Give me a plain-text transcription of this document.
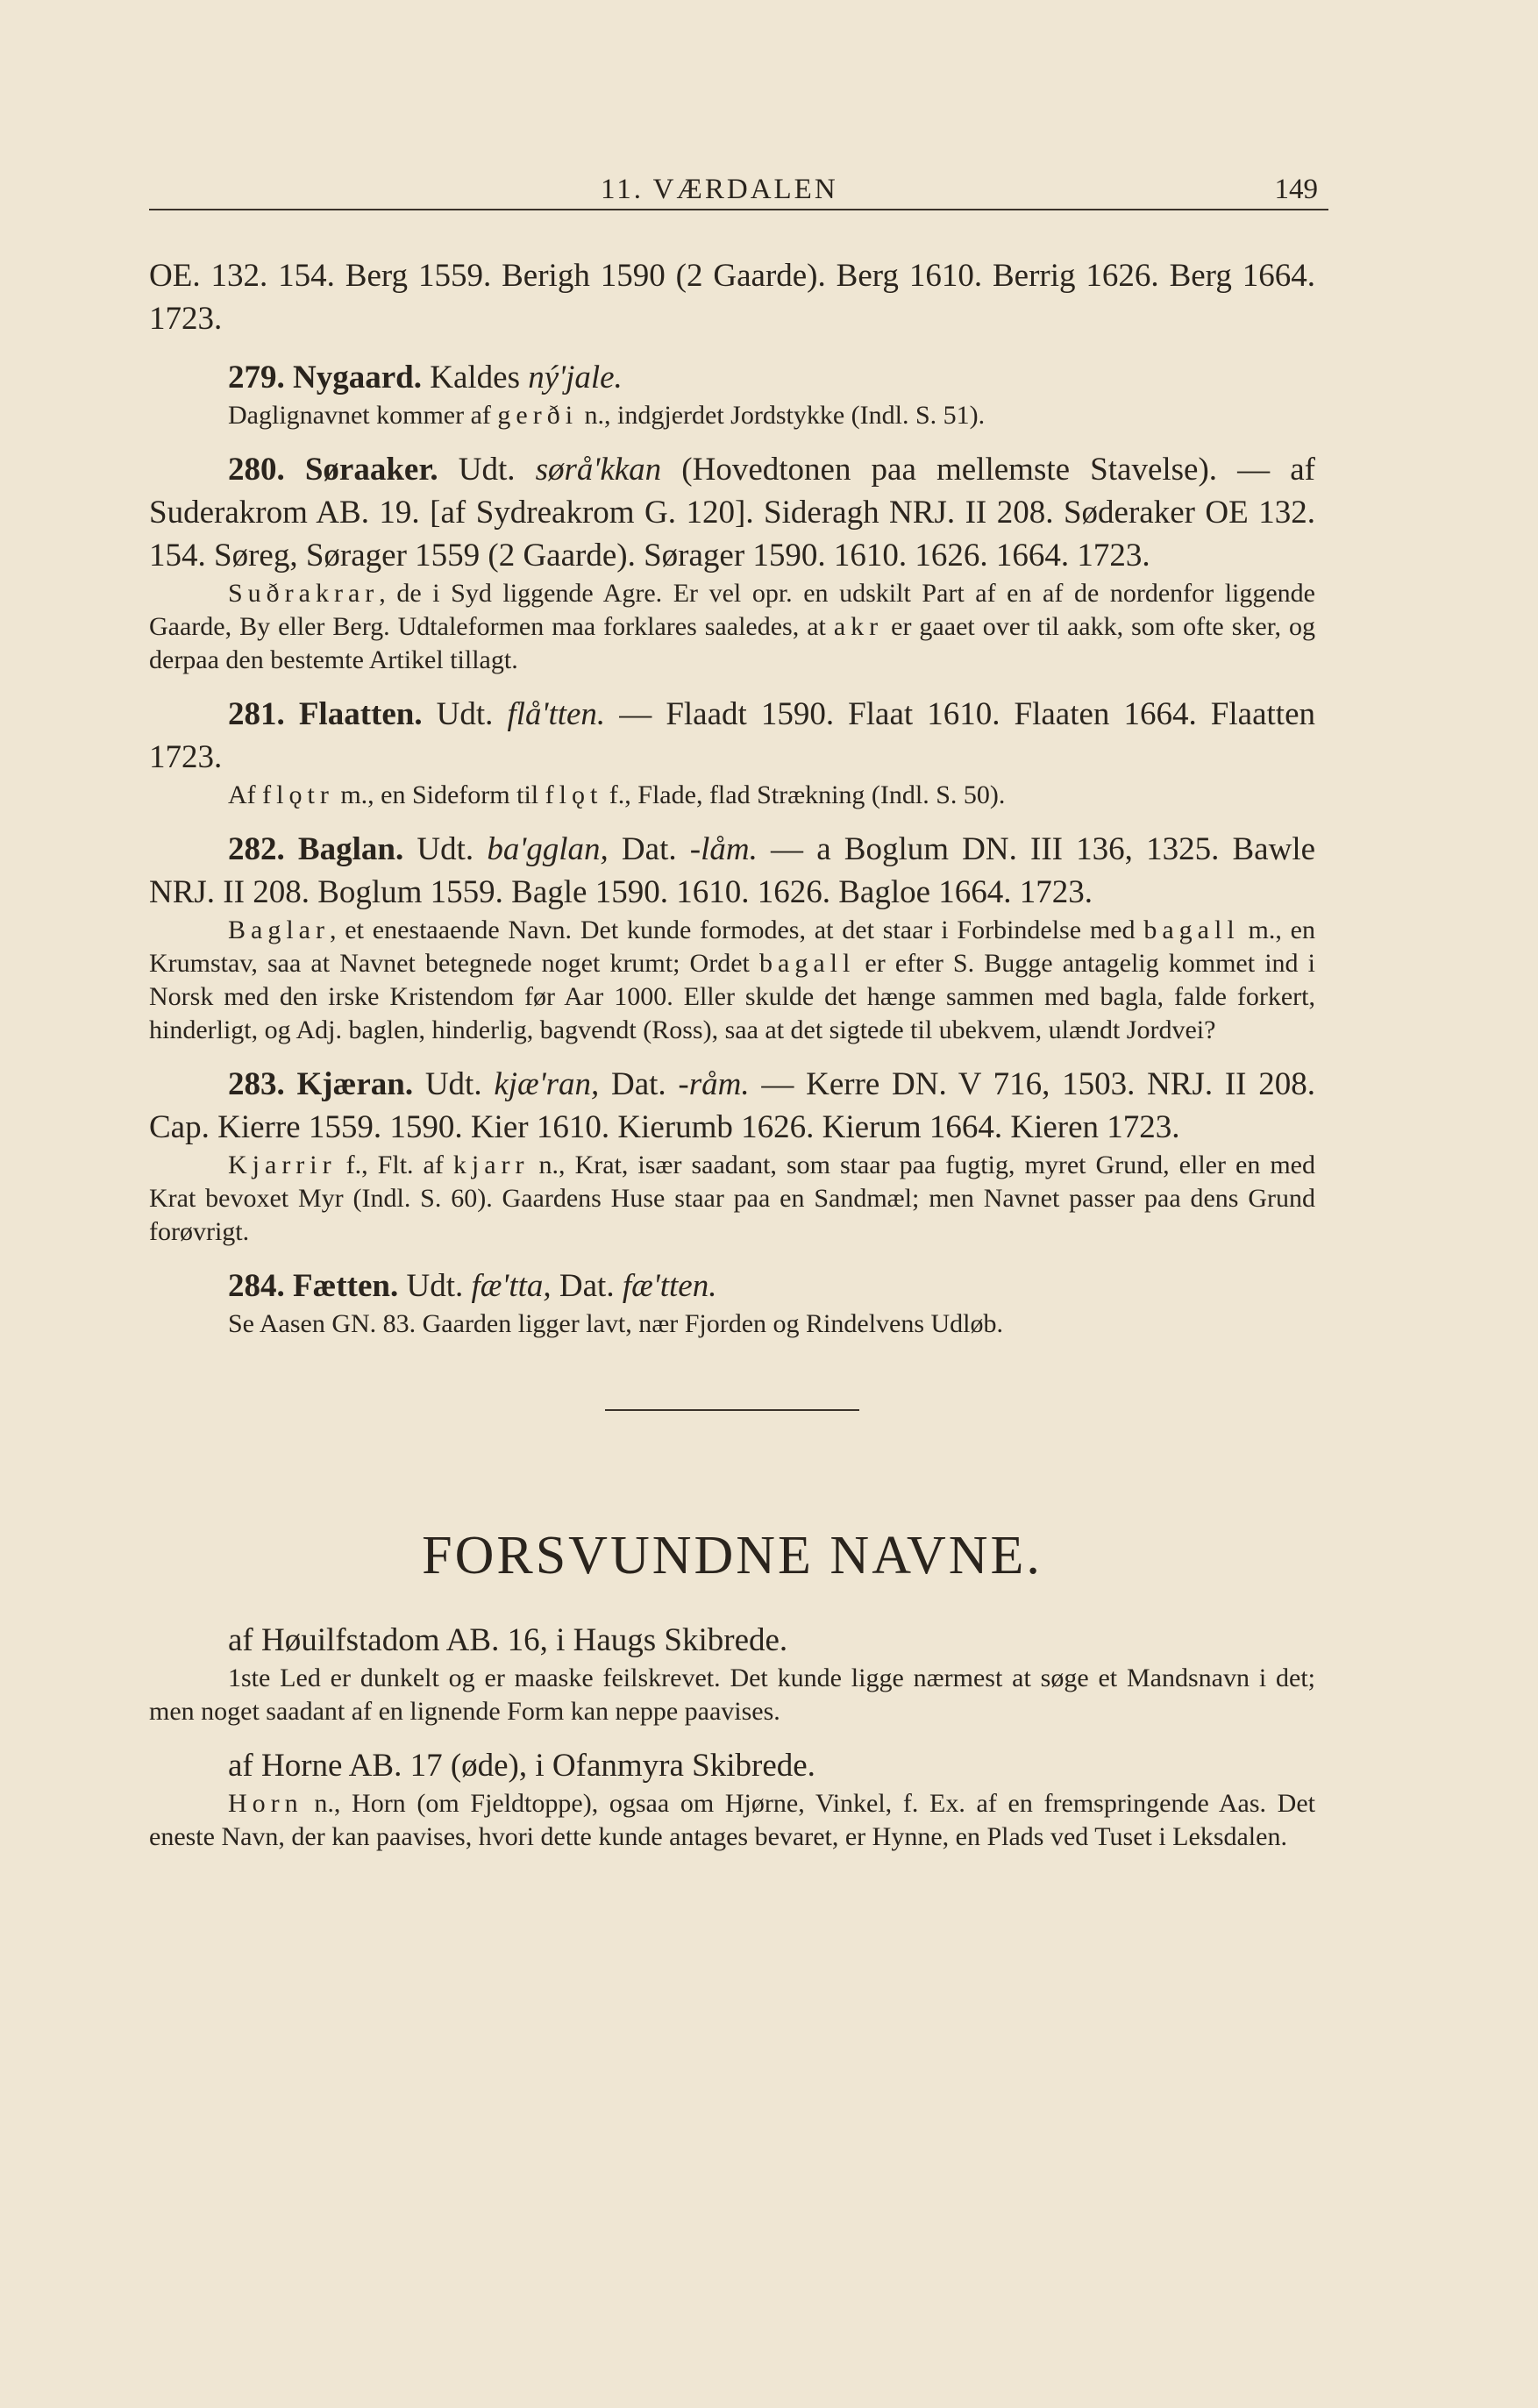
11. VÆRDALEN	149

OE. 132. 154. Berg 1559. Berigh 1590 (2 Gaarde). Berg 1610. Berrig 1626. Berg 1664. 1723.

279. Nygaard. Kaldes ný'jale.

Daglignavnet kommer af gerði n., indgjerdet Jordstykke (Indl. S. 51).

280. Søraaker. Udt. sørå'kkan (Hovedtonen paa mellemste Stavelse). — af Suderakrom AB. 19. [af Sydreakrom G. 120]. Sideragh NRJ. II 208. Søderaker OE 132. 154. Søreg, Sørager 1559 (2 Gaarde). Sørager 1590. 1610. 1626. 1664. 1723.

Suðrakrar, de i Syd liggende Agre. Er vel opr. en udskilt Part af en af de nordenfor liggende Gaarde, By eller Berg. Udtaleformen maa forklares saaledes, at akr er gaaet over til aakk, som ofte sker, og derpaa den bestemte Artikel tillagt.

281. Flaatten. Udt. flå'tten. — Flaadt 1590. Flaat 1610. Flaaten 1664. Flaatten 1723.

Af flǫtr m., en Sideform til flǫt f., Flade, flad Strækning (Indl. S. 50).

282. Baglan. Udt. ba'gglan, Dat. -låm. — a Boglum DN. III 136, 1325. Bawle NRJ. II 208. Boglum 1559. Bagle 1590. 1610. 1626. Bagloe 1664. 1723.

Baglar, et enestaaende Navn. Det kunde formodes, at det staar i Forbindelse med bagall m., en Krumstav, saa at Navnet betegnede noget krumt; Ordet bagall er efter S. Bugge antagelig kommet ind i Norsk med den irske Kristendom før Aar 1000. Eller skulde det hænge sammen med bagla, falde forkert, hinderligt, og Adj. baglen, hinderlig, bagvendt (Ross), saa at det sigtede til ubekvem, ulændt Jordvei?

283. Kjæran. Udt. kjæ'ran, Dat. -råm. — Kerre DN. V 716, 1503. NRJ. II 208. Cap. Kierre 1559. 1590. Kier 1610. Kierumb 1626. Kierum 1664. Kieren 1723.

Kjarrir f., Flt. af kjarr n., Krat, især saadant, som staar paa fugtig, myret Grund, eller en med Krat bevoxet Myr (Indl. S. 60). Gaardens Huse staar paa en Sandmæl; men Navnet passer paa dens Grund forøvrigt.

284. Fætten. Udt. fæ'tta, Dat. fæ'tten.

Se Aasen GN. 83. Gaarden ligger lavt, nær Fjorden og Rindelvens Udløb.

FORSVUNDNE NAVNE.

af Høuilfstadom AB. 16, i Haugs Skibrede.

1ste Led er dunkelt og er maaske feilskrevet. Det kunde ligge nærmest at søge et Mandsnavn i det; men noget saadant af en lignende Form kan neppe paavises.

af Horne AB. 17 (øde), i Ofanmyra Skibrede.

Horn n., Horn (om Fjeldtoppe), ogsaa om Hjørne, Vinkel, f. Ex. af en fremspringende Aas. Det eneste Navn, der kan paavises, hvori dette kunde antages bevaret, er Hynne, en Plads ved Tuset i Leksdalen.
